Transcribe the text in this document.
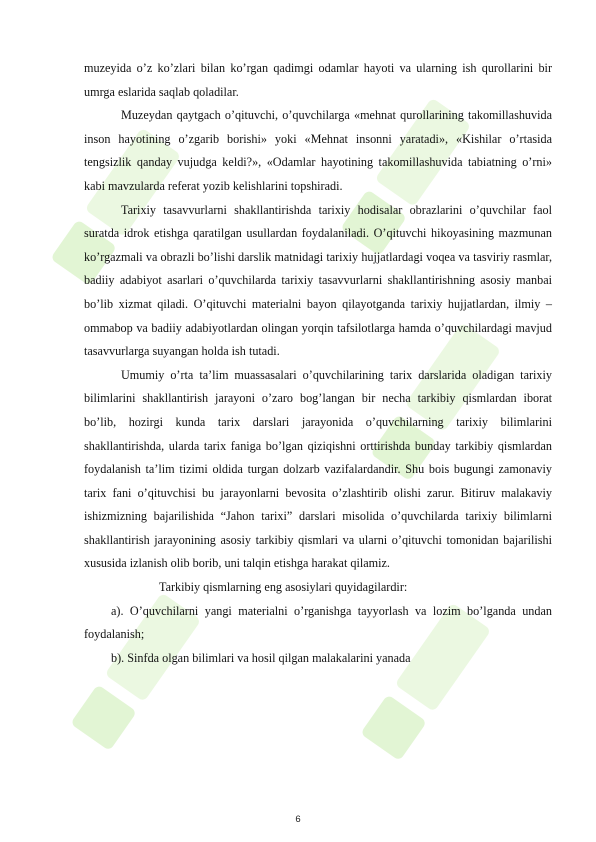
muzeyida o’z ko’zlari bilan ko’rgan qadimgi odamlar hayoti va ularning ish qurollarini bir umrga eslarida saqlab qoladilar.

Muzeydan qaytgach o’qituvchi, o’quvchilarga «mehnat qurollarining takomillashuvida inson hayotining o’zgarib borishi» yoki «Mehnat insonni yaratadi», «Kishilar o’rtasida tengsizlik qanday vujudga keldi?», «Odamlar hayotining takomillashuvida tabiatning o’rni» kabi mavzularda referat yozib kelishlarini topshiradi.

Tarixiy tasavvurlarni shakllantirishda tarixiy hodisalar obrazlarini o’quvchilar faol suratda idrok etishga qaratilgan usullardan foydalaniladi. O’qituvchi hikoyasining mazmunan ko’rgazmali va obrazli bo’lishi darslik matnidagi tarixiy hujjatlardagi voqea va tasviriy rasmlar, badiiy adabiyot asarlari o’quvchilarda tarixiy tasavvurlarni shakllantirishning asosiy manbai bo’lib xizmat qiladi. O’qituvchi materialni bayon qilayotganda tarixiy hujjatlardan, ilmiy – ommabop va badiiy adabiyotlardan olingan yorqin tafsilotlarga hamda o’quvchilardagi mavjud tasavvurlarga suyangan holda ish tutadi.

Umumiy o’rta ta’lim muassasalari o’quvchilarining tarix darslarida oladigan tarixiy bilimlarini shakllantirish jarayoni o’zaro bog’langan bir necha tarkibiy qismlardan iborat bo’lib, hozirgi kunda tarix darslari jarayonida o’quvchilarning tarixiy bilimlarini shakllantirishda, ularda tarix faniga bo’lgan qiziqishni orttirishda bunday tarkibiy qismlardan foydalanish ta’lim tizimi oldida turgan dolzarb vazifalardandir. Shu bois bugungi zamonaviy tarix fani o’qituvchisi bu jarayonlarni bevosita o’zlashtirib olishi zarur. Bitiruv malakaviy ishizmizning bajarilishida “Jahon tarixi” darslari misolida o’quvchilarda tarixiy bilimlarni shakllantirish jarayonining asosiy tarkibiy qismlari va ularni o’qituvchi tomonidan bajarilishi xususida izlanish olib borib, uni talqin etishga harakat qilamiz.

Tarkibiy qismlarning eng asosiylari quyidagilardir:

a). O’quvchilarni yangi materialni o’rganishga tayyorlash va lozim bo’lganda undan foydalanish;

b). Sinfda olgan bilimlari va hosil qilgan malakalarini yanada

6
